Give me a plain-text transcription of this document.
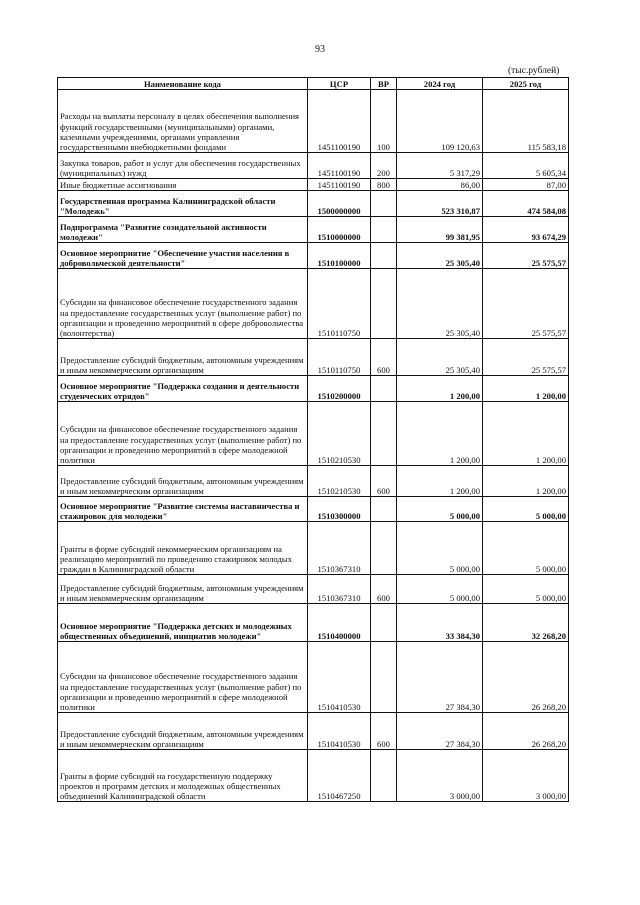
93
(тыс.рублей)
Наименование кода	ЦСР	ВР	2024 год	2025 год
Расходы на выплаты персоналу в целях обеспечения выполнения функций государственными (муниципальными) органами, казенными учреждениями, органами управления государственными внебюджетными фондами	1451100190	100	109 120,63	115 583,18
Закупка товаров, работ и услуг для обеспечения государственных (муниципальных) нужд	1451100190	200	5 317,29	5 605,34
Иные бюджетные ассигнования	1451100190	800	86,00	87,00
Государственная программа Калининградской области "Молодежь"	1500000000		523 310,87	474 584,08
Подпрограмма "Развитие созидательной активности молодежи"	1510000000		99 381,95	93 674,29
Основное мероприятие "Обеспечение участия населения в добровольческой деятельности"	1510100000		25 305,40	25 575,57
Субсидии на финансовое обеспечение государственного задания на предоставление государственных услуг (выполнение работ) по организации и проведению мероприятий в сфере добровольчества (волонтерства)	1510110750		25 305,40	25 575,57
Предоставление субсидий бюджетным, автономным учреждениям и иным некоммерческим организациям	1510110750	600	25 305,40	25 575,57
Основное мероприятие "Поддержка создания и деятельности студенческих отрядов"	1510200000		1 200,00	1 200,00
Субсидии на финансовое обеспечение государственного задания на предоставление государственных услуг (выполнение работ) по организации и проведению мероприятий в сфере молодежной политики	1510210530		1 200,00	1 200,00
Предоставление субсидий бюджетным, автономным учреждениям и иным некоммерческим организациям	1510210530	600	1 200,00	1 200,00
Основное мероприятие "Развитие системы наставничества и стажировок для молодежи"	1510300000		5 000,00	5 000,00
Гранты в форме субсидий некоммерческим организациям на реализацию мероприятий по проведению стажировок молодых граждан в Калининградской области	1510367310		5 000,00	5 000,00
Предоставление субсидий бюджетным, автономным учреждениям и иным некоммерческим организациям	1510367310	600	5 000,00	5 000,00
Основное мероприятие "Поддержка детских и молодежных общественных объединений, инициатив молодежи"	1510400000		33 384,30	32 268,20
Субсидии на финансовое обеспечение государственного задания на предоставление государственных услуг (выполнение работ) по организации и проведению мероприятий в сфере молодежной политики	1510410530		27 384,30	26 268,20
Предоставление субсидий бюджетным, автономным учреждениям и иным некоммерческим организациям	1510410530	600	27 384,30	26 268,20
Гранты в форме субсидий на государственную поддержку проектов и программ детских и молодежных общественных объединений Калининградской области	1510467250		3 000,00	3 000,00
